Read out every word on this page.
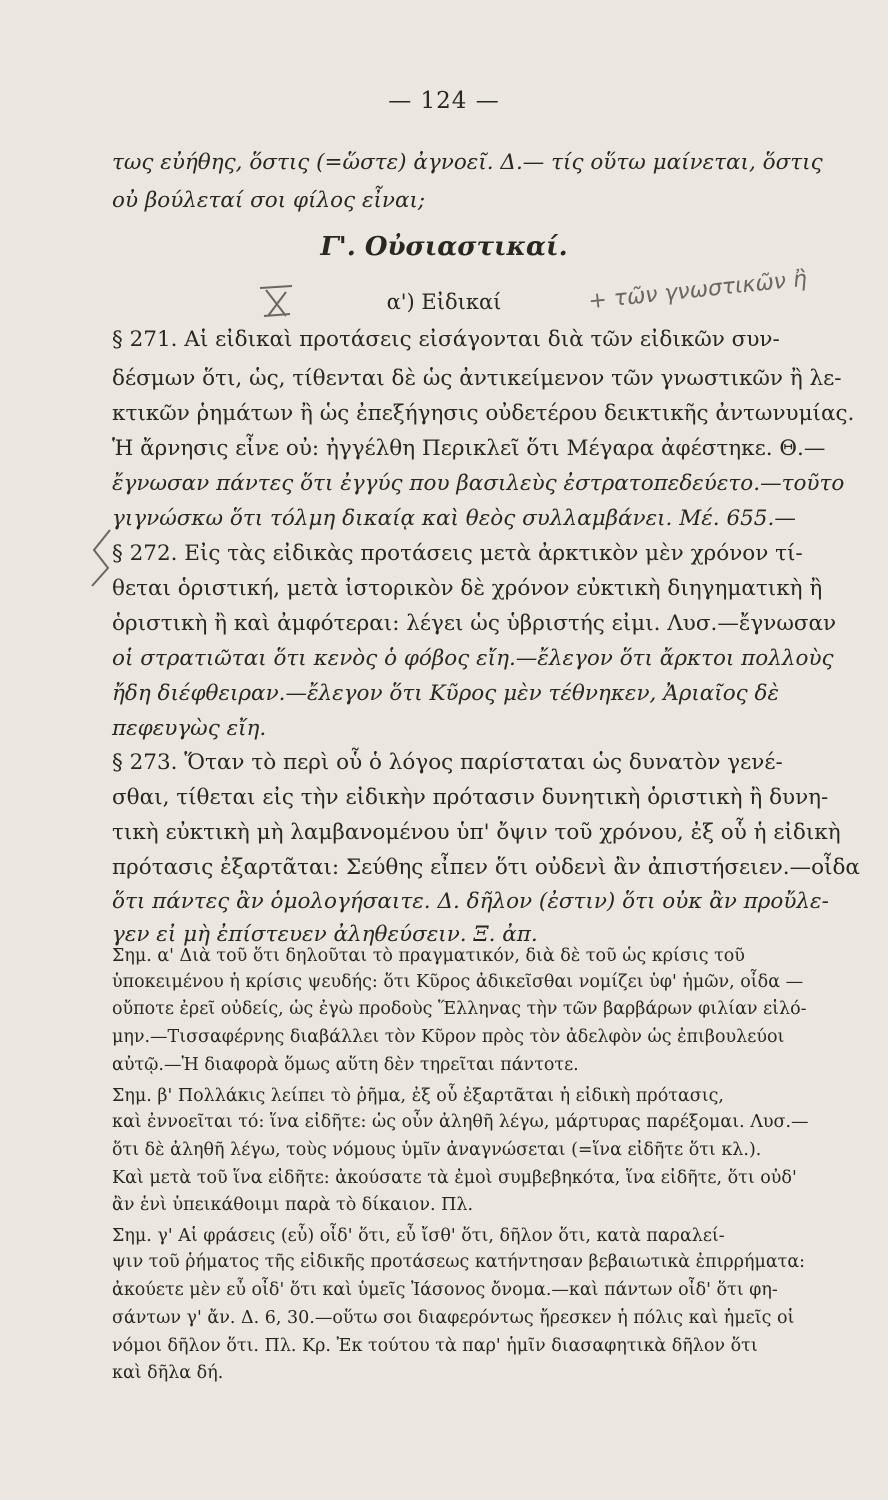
— 124 —
Γ'. Οὐσιαστικαί.
α') Εἰδικαί	+ τῶν γνωστικῶν ἢ
τως εὐήθης, ὅστις (=ὥστε) ἀγνοεῖ. Δ.— τίς οὕτω μαίνεται, ὅστις
οὐ βούλεταί σοι φίλος εἶναι;
§ 271. Αἱ εἰδικαὶ προτάσεις εἰσάγονται διὰ τῶν εἰδικῶν συν-
δέσμων ὅτι, ὡς, τίθενται δὲ ὡς ἀντικείμενον τῶν γνωστικῶν ἢ λε-
κτικῶν ῥημάτων ἢ ὡς ἐπεξήγησις οὐδετέρου δεικτικῆς ἀντωνυμίας.
Ἡ ἄρνησις εἶνε οὐ: ἠγγέλθη Περικλεῖ ὅτι Μέγαρα ἀφέστηκε. Θ.—
ἔγνωσαν πάντες ὅτι ἐγγύς που βασιλεὺς ἐστρατοπεδεύετο.—τοῦτο
γιγνώσκω ὅτι τόλμη δικαίᾳ καὶ θεὸς συλλαμβάνει. Μέ. 655.—
§ 272. Εἰς τὰς εἰδικὰς προτάσεις μετὰ ἀρκτικὸν μὲν χρόνον τί-
θεται ὁριστική, μετὰ ἱστορικὸν δὲ χρόνον εὐκτικὴ διηγηματικὴ ἢ
ὁριστικὴ ἢ καὶ ἀμφότεραι: λέγει ὡς ὑβριστής εἰμι. Λυσ.—ἔγνωσαν
οἱ στρατιῶται ὅτι κενὸς ὁ φόβος εἴη.—ἔλεγον ὅτι ἄρκτοι πολλοὺς
ἤδη διέφθειραν.—ἔλεγον ὅτι Κῦρος μὲν τέθνηκεν, Ἀριαῖος δὲ
πεφευγὼς εἴη.
§ 273. Ὅταν τὸ περὶ οὗ ὁ λόγος παρίσταται ὡς δυνατὸν γενέ-
σθαι, τίθεται εἰς τὴν εἰδικὴν πρότασιν δυνητικὴ ὁριστικὴ ἢ δυνη-
τικὴ εὐκτικὴ μὴ λαμβανομένου ὑπ' ὄψιν τοῦ χρόνου, ἐξ οὗ ἡ εἰδικὴ
πρότασις ἐξαρτᾶται: Σεύθης εἶπεν ὅτι οὐδενὶ ἂν ἀπιστήσειεν.—οἶδα
ὅτι πάντες ἂν ὁμολογήσαιτε. Δ. δῆλον (ἐστιν) ὅτι οὐκ ἂν προὔλε-
γεν εἰ μὴ ἐπίστευεν ἀληθεύσειν. Ξ. ἀπ.
Σημ. α' Διὰ τοῦ ὅτι δηλοῦται τὸ πραγματικόν, διὰ δὲ τοῦ ὡς κρίσις τοῦ
ὑποκειμένου ἡ κρίσις ψευδής: ὅτι Κῦρος ἀδικεῖσθαι νομίζει ὑφ' ἡμῶν, οἶδα —
οὔποτε ἐρεῖ οὐδείς, ὡς ἐγὼ προδοὺς Ἕλληνας τὴν τῶν βαρβάρων φιλίαν εἱλό-
μην.—Τισσαφέρνης διαβάλλει τὸν Κῦρον πρὸς τὸν ἀδελφὸν ὡς ἐπιβουλεύοι
αὐτῷ.—Ἡ διαφορὰ ὅμως αὕτη δὲν τηρεῖται πάντοτε.
Σημ. β' Πολλάκις λείπει τὸ ῥῆμα, ἐξ οὗ ἐξαρτᾶται ἡ εἰδικὴ πρότασις,
καὶ ἐννοεῖται τό: ἵνα εἰδῆτε: ὡς οὖν ἀληθῆ λέγω, μάρτυρας παρέξομαι. Λυσ.—
ὅτι δὲ ἀληθῆ λέγω, τοὺς νόμους ὑμῖν ἀναγνώσεται (=ἵνα εἰδῆτε ὅτι κλ.).
Καὶ μετὰ τοῦ ἵνα εἰδῆτε: ἀκούσατε τὰ ἐμοὶ συμβεβηκότα, ἵνα εἰδῆτε, ὅτι οὐδ'
ἂν ἑνὶ ὑπεικάθοιμι παρὰ τὸ δίκαιον. Πλ.
Σημ. γ' Αἱ φράσεις (εὖ) οἶδ' ὅτι, εὖ ἴσθ' ὅτι, δῆλον ὅτι, κατὰ παραλεί-
ψιν τοῦ ῥήματος τῆς εἰδικῆς προτάσεως κατήντησαν βεβαιωτικὰ ἐπιρρήματα:
ἀκούετε μὲν εὖ οἶδ' ὅτι καὶ ὑμεῖς Ἰάσονος ὄνομα.—καὶ πάντων οἶδ' ὅτι φη-
σάντων γ' ἄν. Δ. 6, 30.—οὕτω σοι διαφερόντως ἤρεσκεν ἡ πόλις καὶ ἡμεῖς οἱ
νόμοι δῆλον ὅτι. Πλ. Κρ. Ἐκ τούτου τὰ παρ' ἡμῖν διασαφητικὰ δῆλον ὅτι
καὶ δῆλα δή.
